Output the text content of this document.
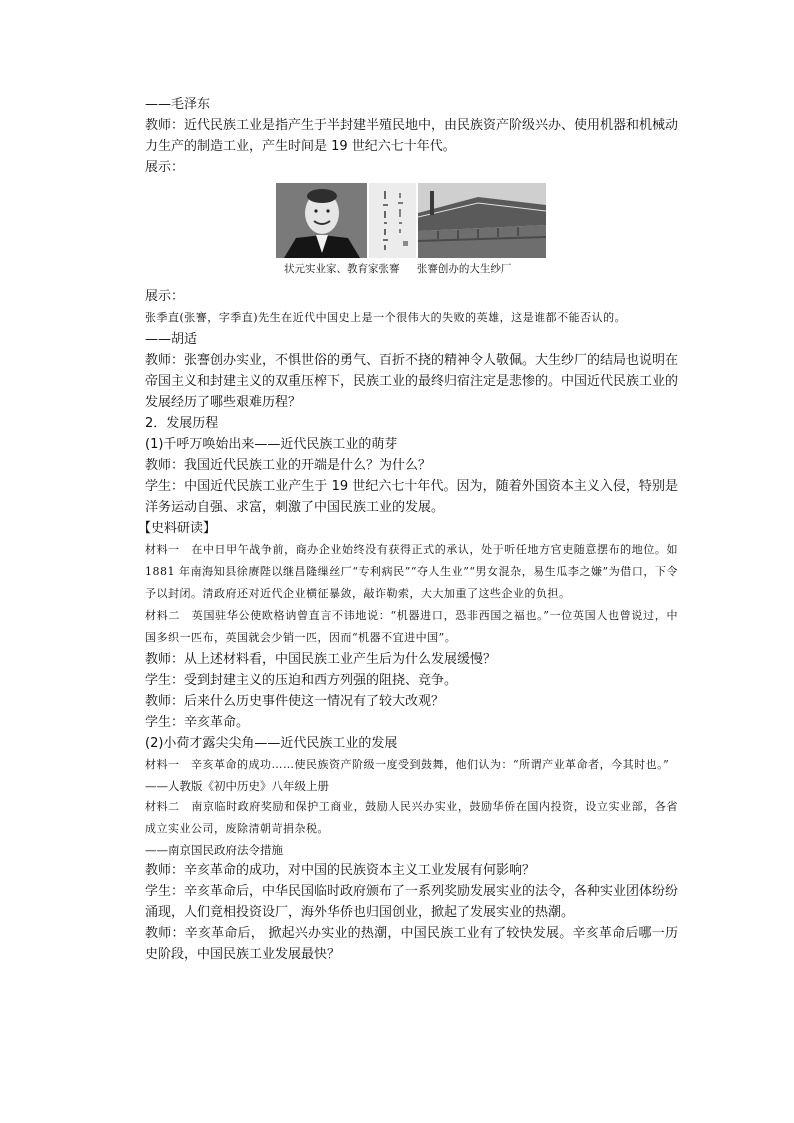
——毛泽东

教师：近代民族工业是指产生于半封建半殖民地中，由民族资产阶级兴办、使用机器和机械动力生产的制造工业，产生时间是 19 世纪六七十年代。

展示：

状元实业家、教育家张謇 张謇创办的大生纱厂

展示：

张季直(张謇，字季直)先生在近代中国史上是一个很伟大的失败的英雄，这是谁都不能否认的。

——胡适

教师：张謇创办实业，不惧世俗的勇气、百折不挠的精神令人敬佩。大生纱厂的结局也说明在帝国主义和封建主义的双重压榨下，民族工业的最终归宿注定是悲惨的。中国近代民族工业的发展经历了哪些艰难历程？

2．发展历程

(1)千呼万唤始出来——近代民族工业的萌芽

教师：我国近代民族工业的开端是什么？为什么？

学生：中国近代民族工业产生于 19 世纪六七十年代。因为，随着外国资本主义入侵，特别是洋务运动自强、求富，刺激了中国民族工业的发展。

【史料研读】

材料一　在中日甲午战争前，商办企业始终没有获得正式的承认，处于听任地方官吏随意摆布的地位。如 1881 年南海知县徐赓陛以继昌隆缫丝厂“专利病民”“夺人生业”“男女混杂，易生瓜李之嫌”为借口，下令予以封闭。清政府还对近代企业横征暴敛，敲诈勒索，大大加重了这些企业的负担。

材料二　英国驻华公使欧格讷曾直言不讳地说：“机器进口，恐非西国之福也。”一位英国人也曾说过，中国多织一匹布，英国就会少销一匹，因而“机器不宜进中国”。

教师：从上述材料看，中国民族工业产生后为什么发展缓慢？

学生：受到封建主义的压迫和西方列强的阻挠、竞争。

教师：后来什么历史事件使这一情况有了较大改观？

学生：辛亥革命。

(2)小荷才露尖尖角——近代民族工业的发展

材料一　辛亥革命的成功……使民族资产阶级一度受到鼓舞，他们认为：“所谓产业革命者，今其时也。”

——人教版《初中历史》八年级上册

材料二　南京临时政府奖励和保护工商业，鼓励人民兴办实业，鼓励华侨在国内投资，设立实业部，各省成立实业公司，废除清朝苛捐杂税。

——南京国民政府法令措施

教师：辛亥革命的成功，对中国的民族资本主义工业发展有何影响？

学生：辛亥革命后，中华民国临时政府颁布了一系列奖励发展实业的法令，各种实业团体纷纷涌现，人们竟相投资设厂，海外华侨也归国创业，掀起了发展实业的热潮。

教师：辛亥革命后， 掀起兴办实业的热潮，中国民族工业有了较快发展。辛亥革命后哪一历史阶段，中国民族工业发展最快？
